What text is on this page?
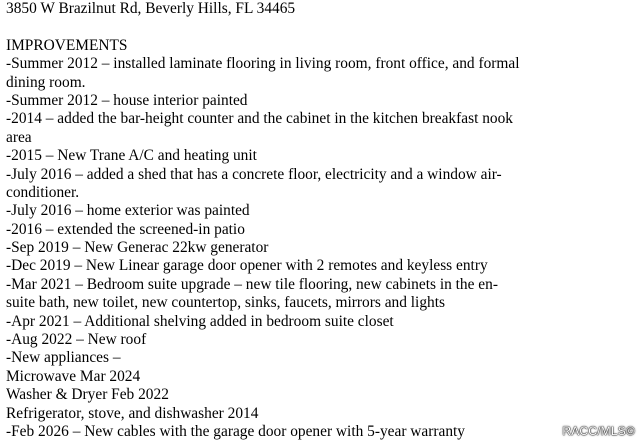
3850 W Brazilnut Rd, Beverly Hills, FL 34465
IMPROVEMENTS
-Summer 2012 – installed laminate flooring in living room, front office, and formal
dining room.
-Summer 2012 – house interior painted
-2014 – added the bar-height counter and the cabinet in the kitchen breakfast nook
area
-2015 – New Trane A/C and heating unit
-July 2016 – added a shed that has a concrete floor, electricity and a window air-
conditioner.
-July 2016 – home exterior was painted
-2016 – extended the screened-in patio
-Sep 2019 – New Generac 22kw generator
-Dec 2019 – New Linear garage door opener with 2 remotes and keyless entry
-Mar 2021 – Bedroom suite upgrade – new tile flooring, new cabinets in the en-
suite bath, new toilet, new countertop, sinks, faucets, mirrors and lights
-Apr 2021 – Additional shelving added in bedroom suite closet
-Aug 2022 – New roof
-New appliances –
Microwave Mar 2024
Washer & Dryer Feb 2022
Refrigerator, stove, and dishwasher 2014
-Feb 2026 – New cables with the garage door opener with 5-year warranty	RACC/MLS©
